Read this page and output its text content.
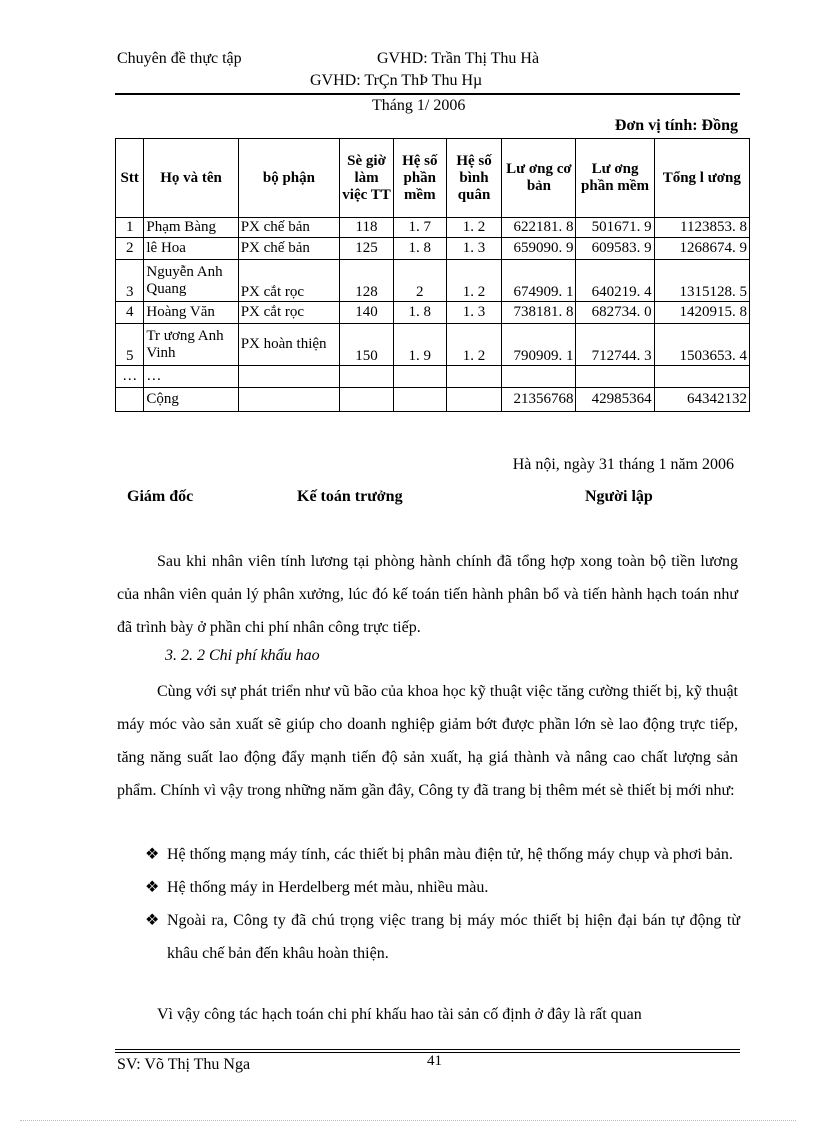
Chuyên đề thực tập	GVHD: Trần Thị Thu Hà
GVHD: TrÇn ThÞ Thu Hµ
Tháng 1/ 2006
Đơn vị tính: Đồng
Stt	Họ và tên	bộ phận	Sè giờ làm việc TT	Hệ số phần mềm	Hệ số bình quân	Lư ơng cơ bản	Lư ơng phần mềm	Tổng l ương
1	Phạm Bàng	PX chế bản	118	1. 7	1. 2	622181. 8	501671. 9	1123853. 8
2	lê Hoa	PX chế bản	125	1. 8	1. 3	659090. 9	609583. 9	1268674. 9
3	Nguyễn Anh Quang	PX cắt rọc	128	2	1. 2	674909. 1	640219. 4	1315128. 5
4	Hoàng Văn	PX cắt rọc	140	1. 8	1. 3	738181. 8	682734. 0	1420915. 8
5	Tr ương Anh Vinh	PX hoàn thiện	150	1. 9	1. 2	790909. 1	712744. 3	1503653. 4
…	…							
	Cộng					21356768	42985364	64342132
Hà nội, ngày 31 tháng 1 năm 2006
Giám đốc	Kế toán trưởng	Người lập
Sau khi nhân viên tính lương tại phòng hành chính đã tổng hợp xong toàn bộ tiền lương của nhân viên quản lý phân xưởng, lúc đó kế toán tiến hành phân bổ và tiến hành hạch toán như đã trình bày ở phần chi phí nhân công trực tiếp.
3. 2. 2 Chi phí khấu hao
Cùng với sự phát triển như vũ bão của khoa học kỹ thuật việc tăng cường thiết bị, kỹ thuật máy móc vào sản xuất sẽ giúp cho doanh nghiệp giảm bớt được phần lớn sè lao động trực tiếp, tăng năng suất lao động đẩy mạnh tiến độ sản xuất, hạ giá thành và nâng cao chất lượng sản phẩm. Chính vì vậy trong những năm gần đây, Công ty đã trang bị thêm mét sè thiết bị mới như:
❖ Hệ thống mạng máy tính, các thiết bị phân màu điện tử, hệ thống máy chụp và phơi bản.
❖ Hệ thống máy in Herdelberg mét màu, nhiều màu.
❖ Ngoài ra, Công ty đã chú trọng việc trang bị máy móc thiết bị hiện đại bán tự động từ khâu chế bản đến khâu hoàn thiện.
Vì vậy công tác hạch toán chi phí khấu hao tài sản cố định ở đây là rất quan
SV: Võ Thị Thu Nga	41
